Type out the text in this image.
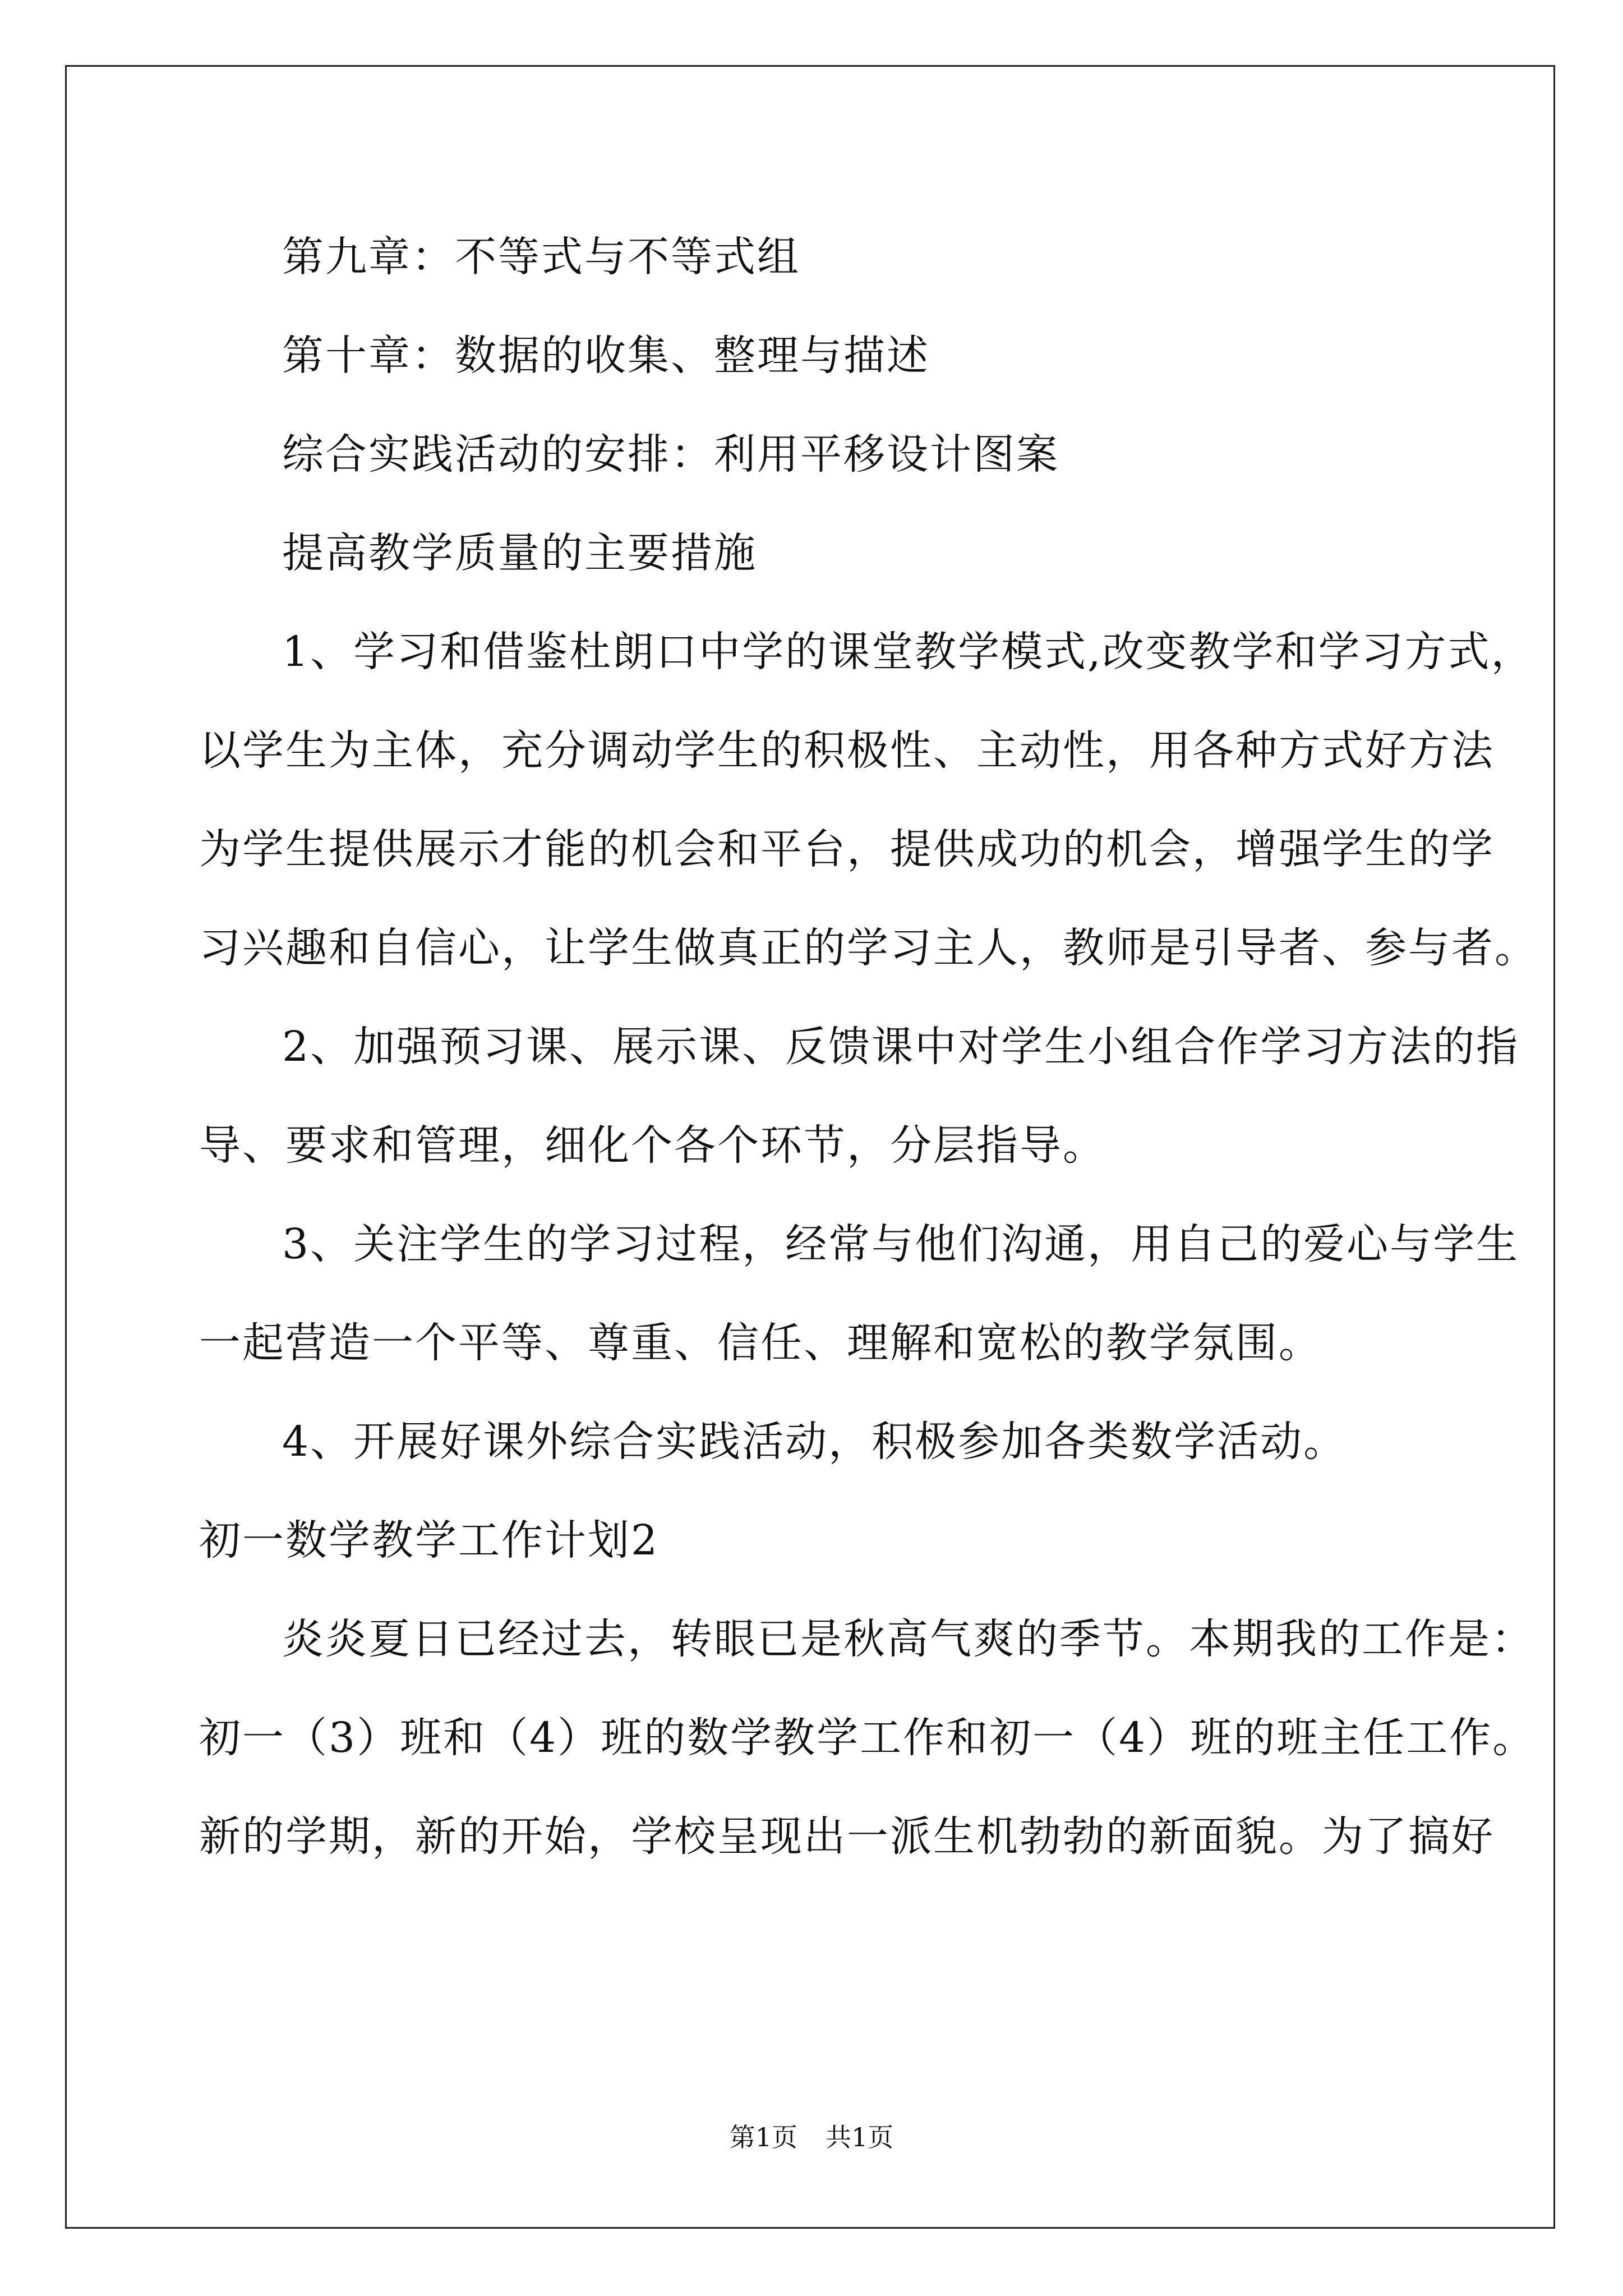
第九章：不等式与不等式组

第十章：数据的收集、整理与描述

综合实践活动的安排：利用平移设计图案

提高教学质量的主要措施

1、学习和借鉴杜朗口中学的课堂教学模式,改变教学和学习方式，

以学生为主体，充分调动学生的积极性、主动性，用各种方式好方法

为学生提供展示才能的机会和平台，提供成功的机会，增强学生的学

习兴趣和自信心，让学生做真正的学习主人，教师是引导者、参与者。

2、加强预习课、展示课、反馈课中对学生小组合作学习方法的指

导、要求和管理，细化个各个环节，分层指导。

3、关注学生的学习过程，经常与他们沟通，用自己的爱心与学生

一起营造一个平等、尊重、信任、理解和宽松的教学氛围。

4、开展好课外综合实践活动，积极参加各类数学活动。

初一数学教学工作计划2

炎炎夏日已经过去，转眼已是秋高气爽的季节。本期我的工作是：

初一（3）班和（4）班的数学教学工作和初一（4）班的班主任工作。

新的学期，新的开始，学校呈现出一派生机勃勃的新面貌。为了搞好

第1页 共1页
